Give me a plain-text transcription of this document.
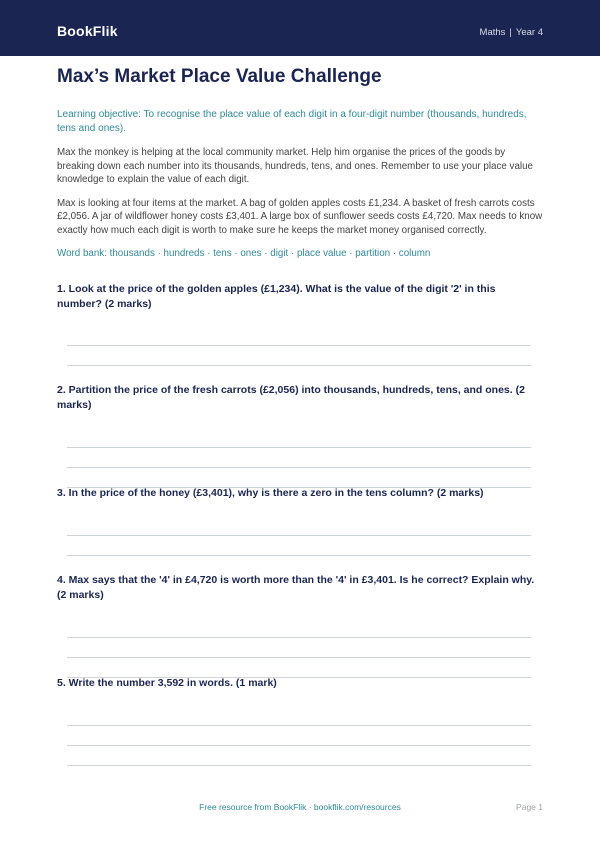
BookFlik	Maths | Year 4
Max’s Market Place Value Challenge
Learning objective: To recognise the place value of each digit in a four-digit number (thousands, hundreds, tens and ones).
Max the monkey is helping at the local community market. Help him organise the prices of the goods by breaking down each number into its thousands, hundreds, tens, and ones. Remember to use your place value knowledge to explain the value of each digit.
Max is looking at four items at the market. A bag of golden apples costs £1,234. A basket of fresh carrots costs £2,056. A jar of wildflower honey costs £3,401. A large box of sunflower seeds costs £4,720. Max needs to know exactly how much each digit is worth to make sure he keeps the market money organised correctly.
Word bank: thousands · hundreds · tens · ones · digit · place value · partition · column
1. Look at the price of the golden apples (£1,234). What is the value of the digit '2' in this number? (2 marks)
2. Partition the price of the fresh carrots (£2,056) into thousands, hundreds, tens, and ones. (2 marks)
3. In the price of the honey (£3,401), why is there a zero in the tens column? (2 marks)
4. Max says that the '4' in £4,720 is worth more than the '4' in £3,401. Is he correct? Explain why. (2 marks)
5. Write the number 3,592 in words. (1 mark)
Free resource from BookFlik · bookflik.com/resources	Page 1
